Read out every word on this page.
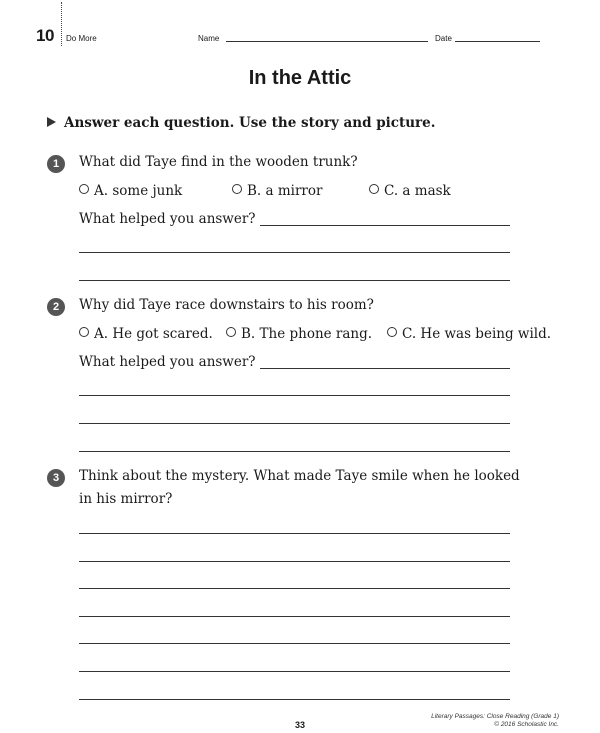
10 Do More	Name	Date
In the Attic
Answer each question. Use the story and picture.
1	What did Taye find in the wooden trunk?
A. some junk	B. a mirror	C. a mask
What helped you answer?
2	Why did Taye race downstairs to his room?
A. He got scared.	B. The phone rang.	C. He was being wild.
What helped you answer?
3	Think about the mystery. What made Taye smile when he looked
in his mirror?
33
Literary Passages: Close Reading (Grade 1)
© 2016 Scholastic Inc.
